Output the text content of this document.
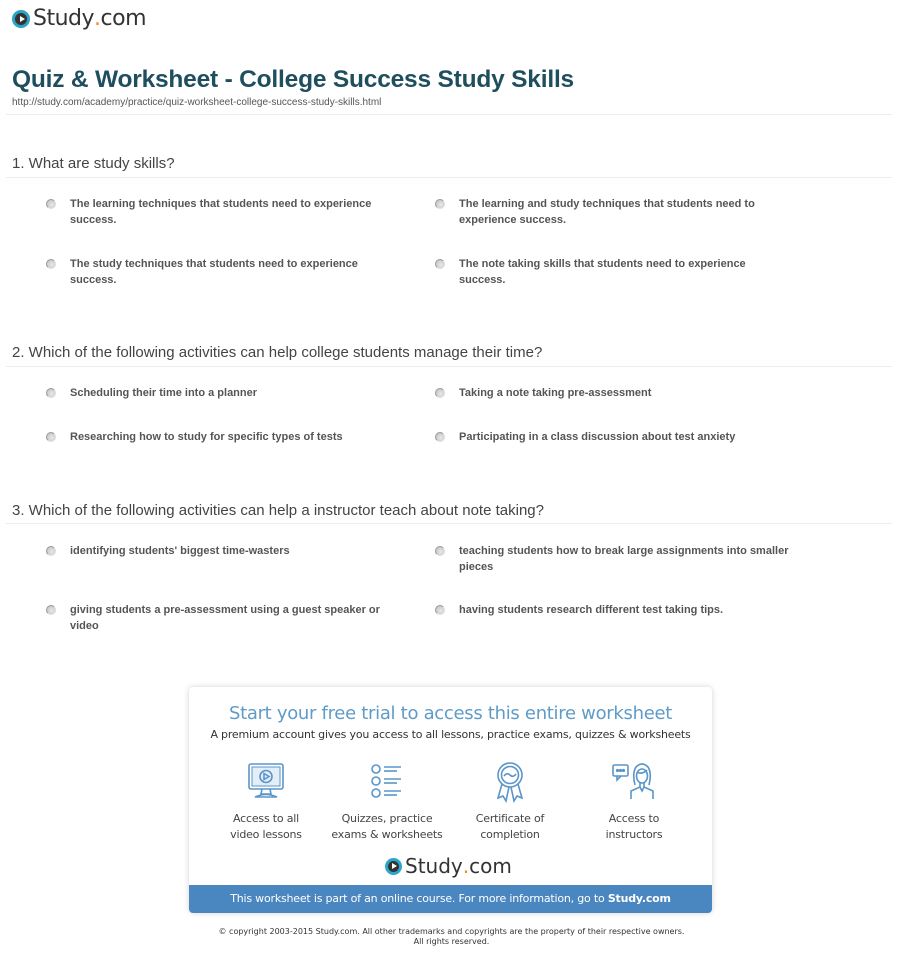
Study . com
Quiz & Worksheet - College Success Study Skills
http://study.com/academy/practice/quiz-worksheet-college-success-study-skills.html
1. What are study skills?
The learning techniques that students need to experience success.
The learning and study techniques that students need to experience success.
The study techniques that students need to experience success.
The note taking skills that students need to experience success.
2. Which of the following activities can help college students manage their time?
Scheduling their time into a planner	Taking a note taking pre-assessment
Researching how to study for specific types of tests	Participating in a class discussion about test anxiety
3. Which of the following activities can help a instructor teach about note taking?
identifying students' biggest time-wasters	teaching students how to break large assignments into smaller pieces
giving students a pre-assessment using a guest speaker or video
having students research different test taking tips.
Start your free trial to access this entire worksheet
A premium account gives you access to all lessons, practice exams, quizzes & worksheets
Access to all
video lessons
Quizzes, practice
exams & worksheets
Certificate of
completion
Access to
instructors
Study . com
This worksheet is part of an online course. For more information, go to Study.com
© copyright 2003-2015 Study.com. All other trademarks and copyrights are the property of their respective owners.
All rights reserved.
